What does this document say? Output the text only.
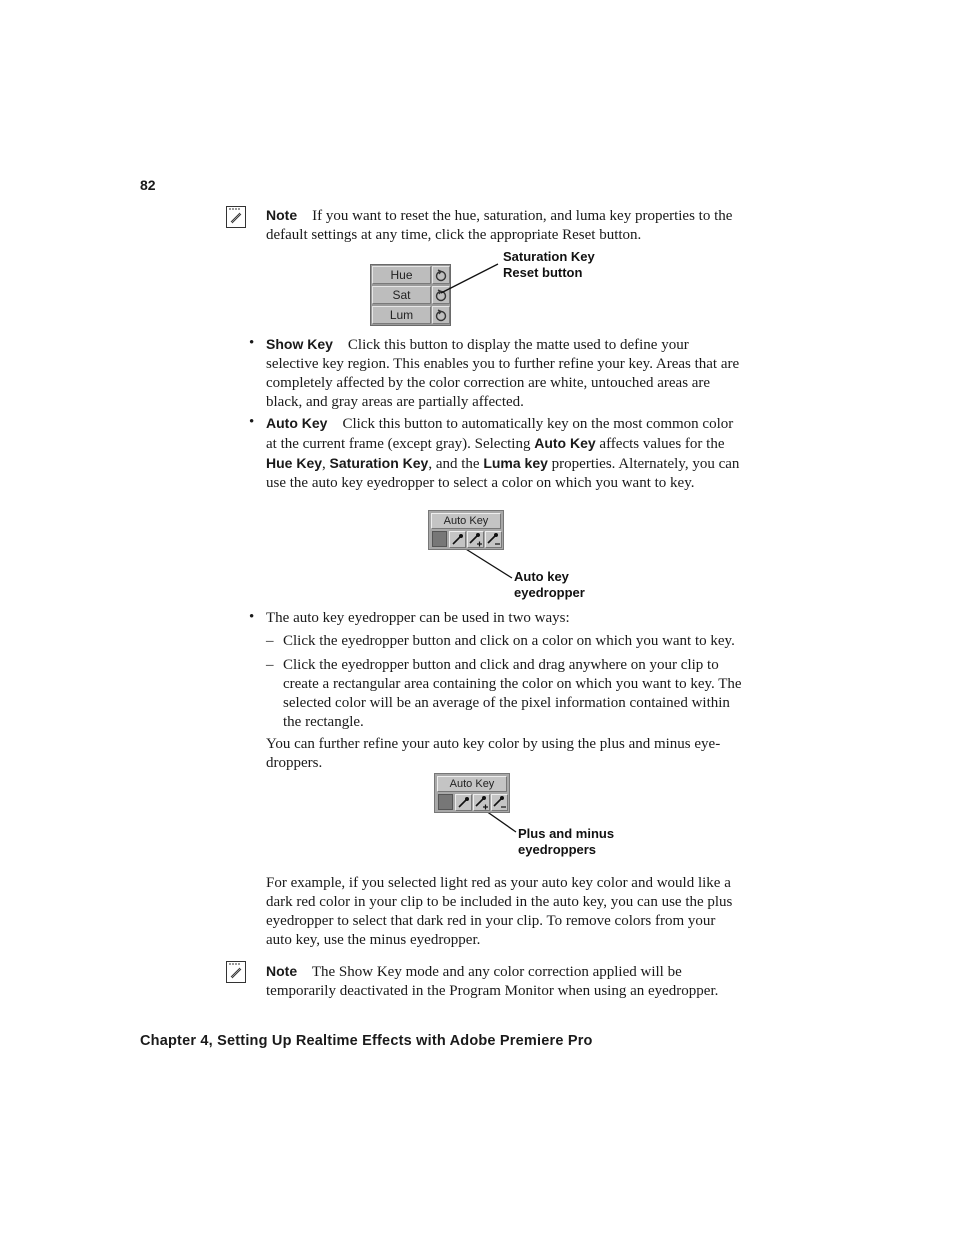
82
Note If you want to reset the hue, saturation, and luma key properties to the default settings at any time, click the appropriate Reset button.
Hue
Sat
Lum
Saturation Key
Reset button
• Show Key Click this button to display the matte used to define your selective key region. This enables you to further refine your key. Areas that are completely affected by the color correction are white, untouched areas are black, and gray areas are partially affected.
• Auto Key Click this button to automatically key on the most common color at the current frame (except gray). Selecting Auto Key affects values for the Hue Key, Saturation Key, and the Luma key properties. Alternately, you can use the auto key eyedropper to select a color on which you want to key.
Auto Key
Auto key
eyedropper
• The auto key eyedropper can be used in two ways:
– Click the eyedropper button and click on a color on which you want to key.
– Click the eyedropper button and click and drag anywhere on your clip to create a rectangular area containing the color on which you want to key. The selected color will be an average of the pixel information contained within the rectangle.
You can further refine your auto key color by using the plus and minus eye-droppers.
Auto Key
Plus and minus
eyedroppers
For example, if you selected light red as your auto key color and would like a dark red color in your clip to be included in the auto key, you can use the plus eyedropper to select that dark red in your clip. To remove colors from your auto key, use the minus eyedropper.
Note The Show Key mode and any color correction applied will be temporarily deactivated in the Program Monitor when using an eyedropper.
Chapter 4, Setting Up Realtime Effects with Adobe Premiere Pro
